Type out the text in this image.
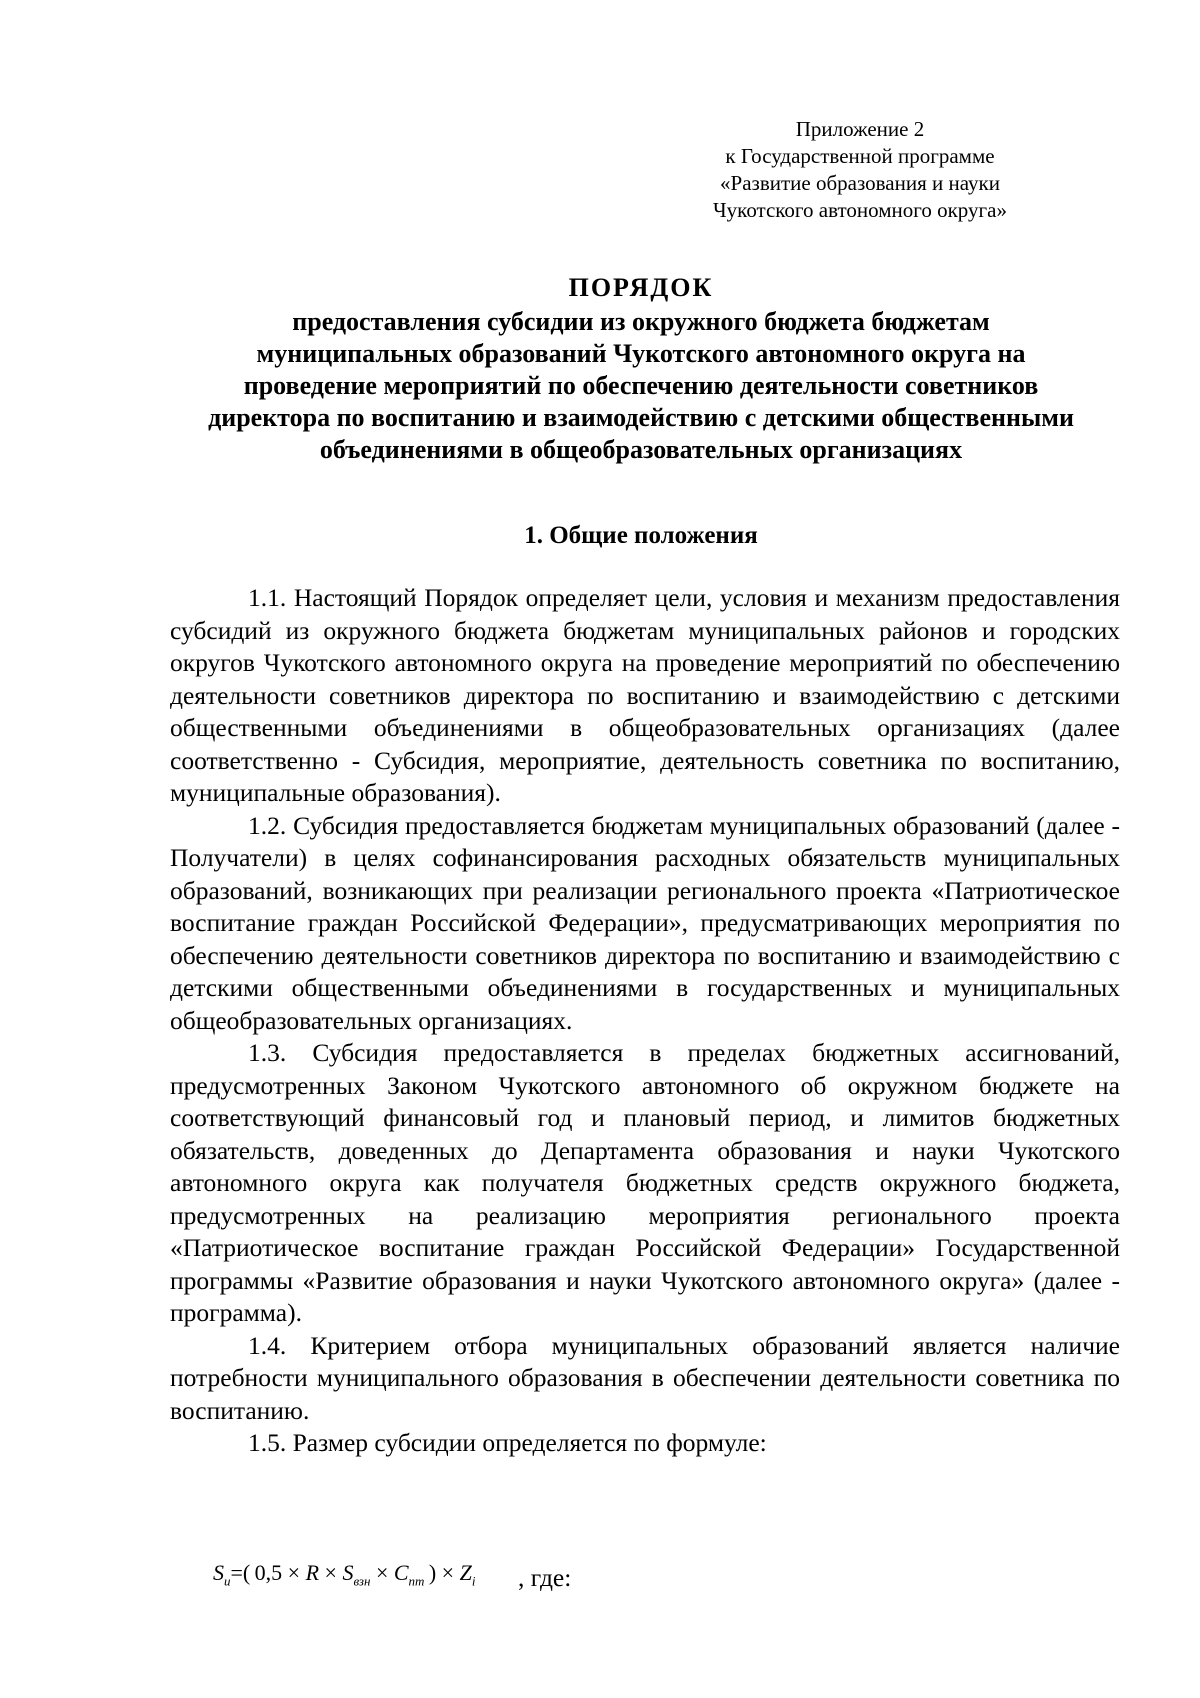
Приложение 2
к Государственной программе
«Развитие образования и науки
Чукотского автономного округа»
ПОРЯДОК
предоставления субсидии из окружного бюджета бюджетам
муниципальных образований Чукотского автономного округа на
проведение мероприятий по обеспечению деятельности советников
директора по воспитанию и взаимодействию с детскими общественными
объединениями в общеобразовательных организациях
1. Общие положения

1.1. Настоящий Порядок определяет цели, условия и механизм предоставления субсидий из окружного бюджета бюджетам муниципальных районов и городских округов Чукотского автономного округа на проведение мероприятий по обеспечению деятельности советников директора по воспитанию и взаимодействию с детскими общественными объединениями в общеобразовательных организациях (далее соответственно - Субсидия, мероприятие, деятельность советника по воспитанию, муниципальные образования).

1.2. Субсидия предоставляется бюджетам муниципальных образований (далее - Получатели) в целях софинансирования расходных обязательств муниципальных образований, возникающих при реализации регионального проекта «Патриотическое воспитание граждан Российской Федерации», предусматривающих мероприятия по обеспечению деятельности советников директора по воспитанию и взаимодействию с детскими общественными объединениями в государственных и муниципальных общеобразовательных организациях.

1.3. Субсидия предоставляется в пределах бюджетных ассигнований, предусмотренных Законом Чукотского автономного об окружном бюджете на соответствующий финансовый год и плановый период, и лимитов бюджетных обязательств, доведенных до Департамента образования и науки Чукотского автономного округа как получателя бюджетных средств окружного бюджета, предусмотренных на реализацию мероприятия регионального проекта «Патриотическое воспитание граждан Российской Федерации» Государственной программы «Развитие образования и науки Чукотского автономного округа» (далее - программа).

1.4. Критерием отбора муниципальных образований является наличие потребности муниципального образования в обеспечении деятельности советника по воспитанию.

1.5. Размер субсидии определяется по формуле:

$S_и=$( $0,5 \times R \times S_{взн} \times C_{пт}$ ) × $Z_i$ , где:
